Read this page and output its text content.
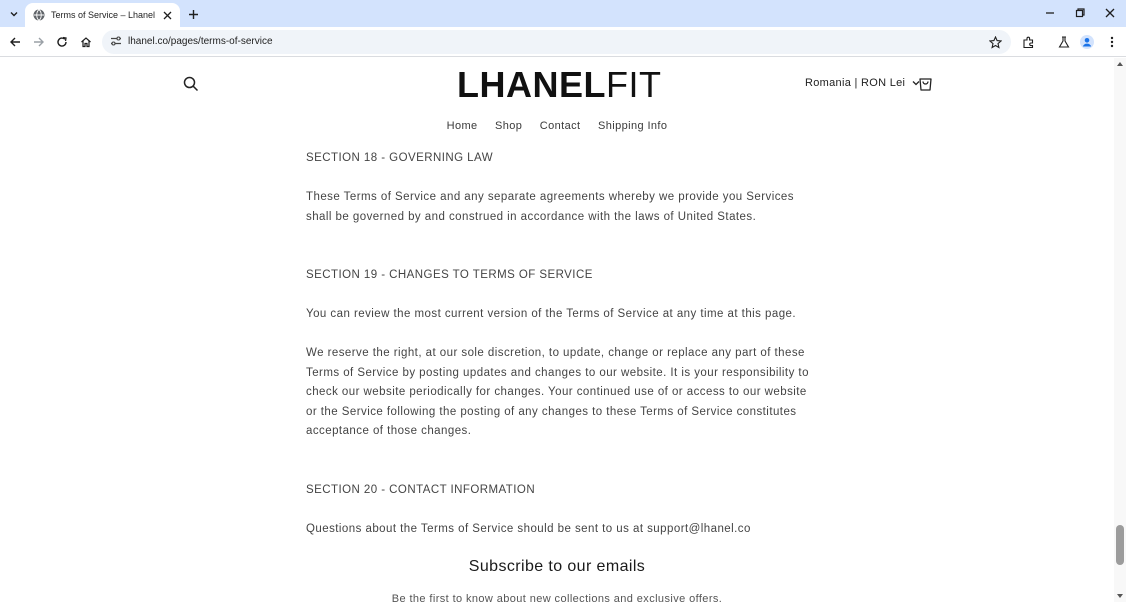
Terms of Service – Lhanel
lhanel.co/pages/terms-of-service
LHANELFIT	Romania | RON Lei
Home Shop Contact Shipping Info

SECTION 18 - GOVERNING LAW

These Terms of Service and any separate agreements whereby we provide you Services shall be governed by and construed in accordance with the laws of United States.

SECTION 19 - CHANGES TO TERMS OF SERVICE

You can review the most current version of the Terms of Service at any time at this page.

We reserve the right, at our sole discretion, to update, change or replace any part of these Terms of Service by posting updates and changes to our website. It is your responsibility to check our website periodically for changes. Your continued use of or access to our website or the Service following the posting of any changes to these Terms of Service constitutes acceptance of those changes.

SECTION 20 - CONTACT INFORMATION

Questions about the Terms of Service should be sent to us at support@lhanel.co

Subscribe to our emails
Be the first to know about new collections and exclusive offers.
